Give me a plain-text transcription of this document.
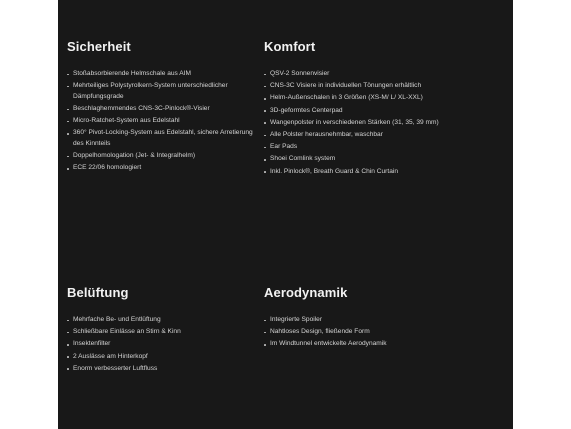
Sicherheit
Stoßabsorbierende Helmschale aus AIM
Mehrteiliges Polystyrolkern-System unterschiedlicher Dämpfungsgrade
Beschlaghemmendes CNS-3C-Pinlock®-Visier
Micro-Ratchet-System aus Edelstahl
360° Pivot-Locking-System aus Edelstahl, sichere Arretierung des Kinnteils
Doppelhomologation (Jet- & Integralhelm)
ECE 22/06 homologiert
Komfort
QSV-2 Sonnenvisier
CNS-3C Visiere in individuellen Tönungen erhältlich
Helm-Außenschalen in 3 Größen (XS-M/ L/ XL-XXL)
3D-geformtes Centerpad
Wangenpolster in verschiedenen Stärken (31, 35, 39 mm)
Alle Polster herausnehmbar, waschbar
Ear Pads
Shoei Comlink system
Inkl. Pinlock®, Breath Guard & Chin Curtain
Belüftung
Mehrfache Be- und Entlüftung
Schließbare Einlässe an Stirn & Kinn
Insektenfilter
2 Auslässe am Hinterkopf
Enorm verbesserter Luftfluss
Aerodynamik
Integrierte Spoiler
Nahtloses Design, fließende Form
Im Windtunnel entwickelte Aerodynamik
